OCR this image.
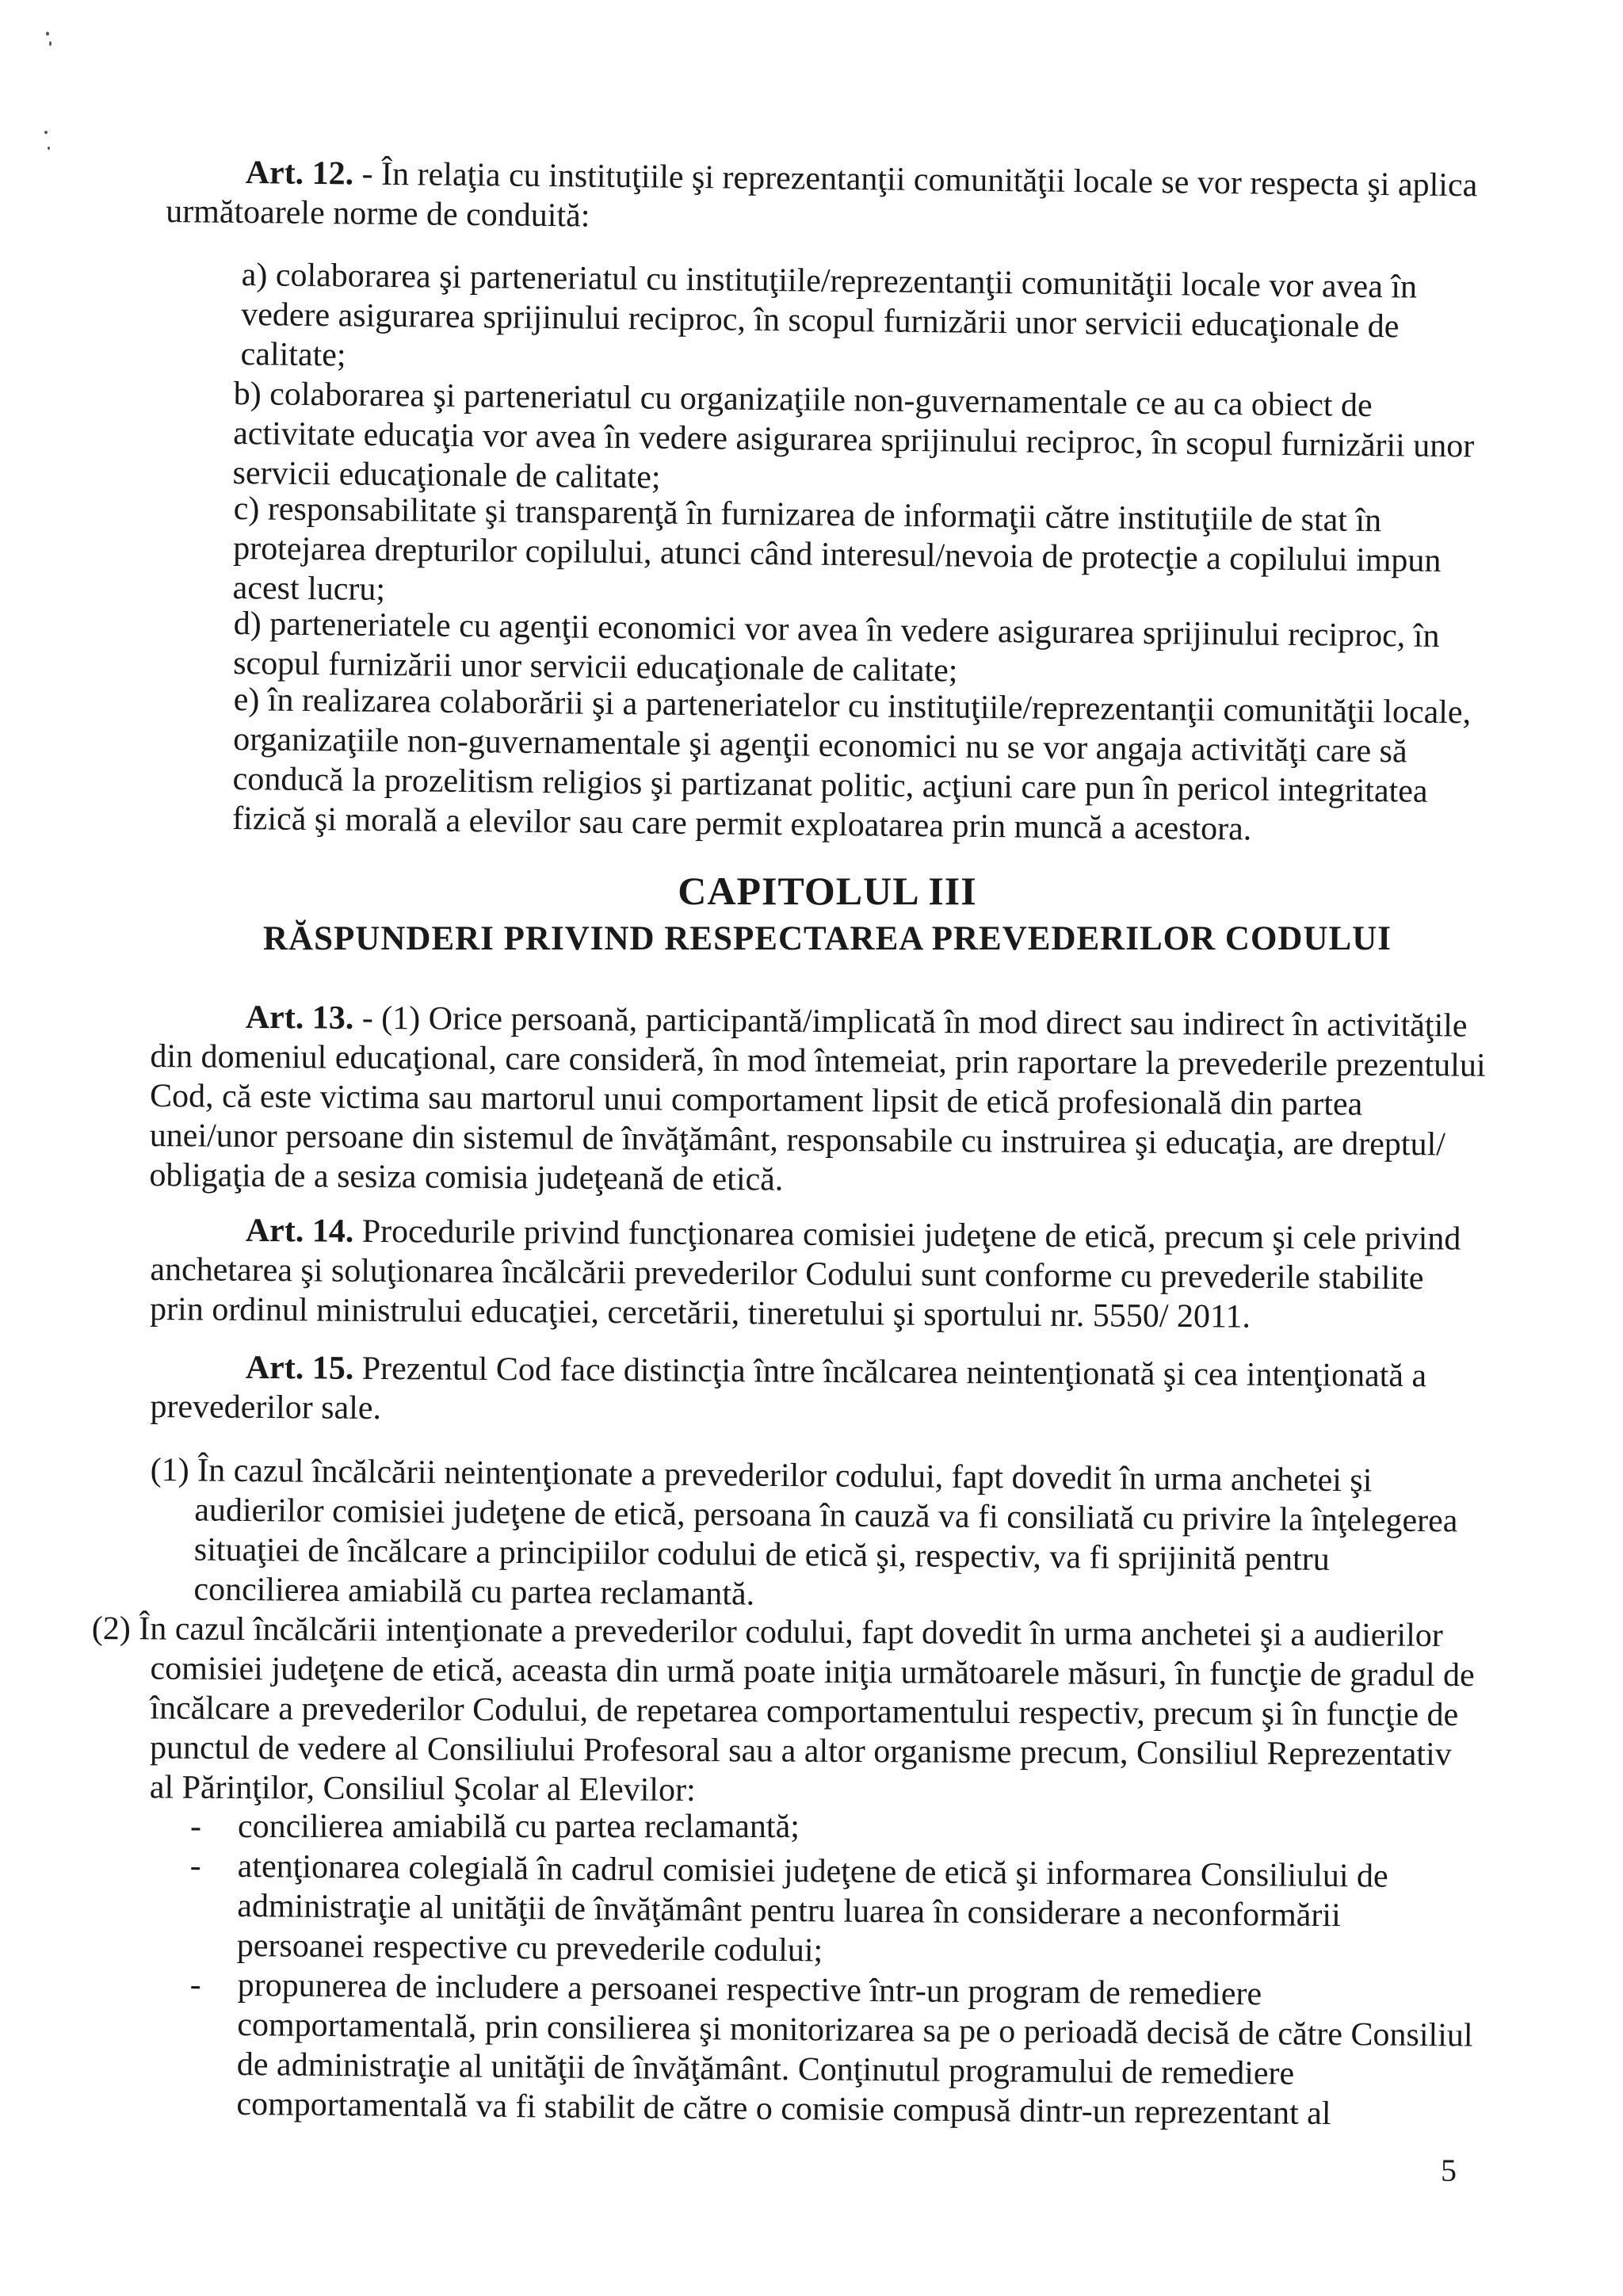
Art. 12. - În relaţia cu instituţiile şi reprezentanţii comunităţii locale se vor respecta şi aplica
următoarele norme de conduită:
a) colaborarea şi parteneriatul cu instituţiile/reprezentanţii comunităţii locale vor avea în
vedere asigurarea sprijinului reciproc, în scopul furnizării unor servicii educaţionale de
calitate;
b) colaborarea şi parteneriatul cu organizaţiile non-guvernamentale ce au ca obiect de
activitate educaţia vor avea în vedere asigurarea sprijinului reciproc, în scopul furnizării unor
servicii educaţionale de calitate;
c) responsabilitate şi transparenţă în furnizarea de informaţii către instituţiile de stat în
protejarea drepturilor copilului, atunci când interesul/nevoia de protecţie a copilului impun
acest lucru;
d) parteneriatele cu agenţii economici vor avea în vedere asigurarea sprijinului reciproc, în
scopul furnizării unor servicii educaţionale de calitate;
e) în realizarea colaborării şi a parteneriatelor cu instituţiile/reprezentanţii comunităţii locale,
organizaţiile non-guvernamentale şi agenţii economici nu se vor angaja activităţi care să
conducă la prozelitism religios şi partizanat politic, acţiuni care pun în pericol integritatea
fizică şi morală a elevilor sau care permit exploatarea prin muncă a acestora.
CAPITOLUL III
RĂSPUNDERI PRIVIND RESPECTAREA PREVEDERILOR CODULUI
Art. 13. - (1) Orice persoană, participantă/implicată în mod direct sau indirect în activităţile
din domeniul educaţional, care consideră, în mod întemeiat, prin raportare la prevederile prezentului
Cod, că este victima sau martorul unui comportament lipsit de etică profesională din partea
unei/unor persoane din sistemul de învăţământ, responsabile cu instruirea şi educaţia, are dreptul/
obligaţia de a sesiza comisia judeţeană de etică.
Art. 14. Procedurile privind funcţionarea comisiei judeţene de etică, precum şi cele privind
anchetarea şi soluţionarea încălcării prevederilor Codului sunt conforme cu prevederile stabilite
prin ordinul ministrului educaţiei, cercetării, tineretului şi sportului nr. 5550/ 2011.
Art. 15. Prezentul Cod face distincţia între încălcarea neintenţionată şi cea intenţionată a
prevederilor sale.
(1) În cazul încălcării neintenţionate a prevederilor codului, fapt dovedit în urma anchetei şi
audierilor comisiei judeţene de etică, persoana în cauză va fi consiliată cu privire la înţelegerea
situaţiei de încălcare a principiilor codului de etică şi, respectiv, va fi sprijinită pentru
concilierea amiabilă cu partea reclamantă.
(2) În cazul încălcării intenţionate a prevederilor codului, fapt dovedit în urma anchetei şi a audierilor
comisiei judeţene de etică, aceasta din urmă poate iniţia următoarele măsuri, în funcţie de gradul de
încălcare a prevederilor Codului, de repetarea comportamentului respectiv, precum şi în funcţie de
punctul de vedere al Consiliului Profesoral sau a altor organisme precum, Consiliul Reprezentativ
al Părinţilor, Consiliul Şcolar al Elevilor:
- concilierea amiabilă cu partea reclamantă;
- atenţionarea colegială în cadrul comisiei judeţene de etică şi informarea Consiliului de
administraţie al unităţii de învăţământ pentru luarea în considerare a neconformării
persoanei respective cu prevederile codului;
- propunerea de includere a persoanei respective într-un program de remediere
comportamentală, prin consilierea şi monitorizarea sa pe o perioadă decisă de către Consiliul
de administraţie al unităţii de învăţământ. Conţinutul programului de remediere
comportamentală va fi stabilit de către o comisie compusă dintr-un reprezentant al
5
